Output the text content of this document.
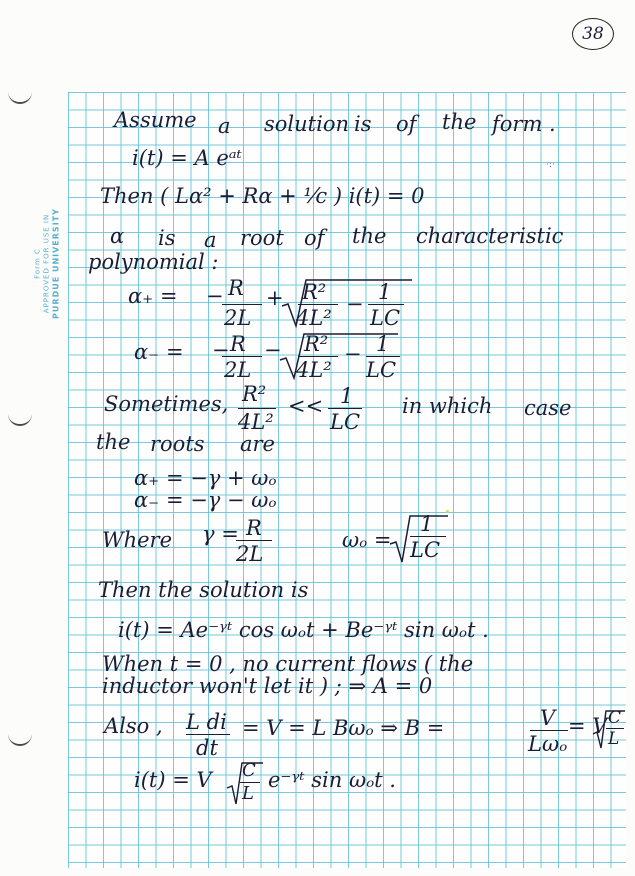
38
Form C APPROVED FOR USE IN PURDUE UNIVERSITY
Assume a solution is of the form .
i(t) = A eᵃᵗ	·:·
Then ( Lα² + Rα + ¹⁄c ) i(t) = 0
α is a root of the characteristic
polynomial :
α₊ = − R
2L
+ R²
4L²
− 1
LC
α₋ = − R
2L
− R²
4L²
− 1
LC
Sometimes, R²
4L²
<< 1
LC
in which case
the roots are
α₊ = −γ + ωₒ
α₋ = −γ − ωₒ
Where γ = R
2L
ωₒ =
1
LC
Then the solution is
i(t) = Ae⁻ᵞᵗ cos ωₒt + Be⁻ᵞᵗ sin ωₒt .
When t = 0 , no current flows ( the
inductor won't let it ) ; ⇒ A = 0
Also , L di
dt
= V = L Bωₒ ⇒ B =	V
Lωₒ
= V C
L
i(t) = V C
L
e⁻ᵞᵗ sin ωₒt .
